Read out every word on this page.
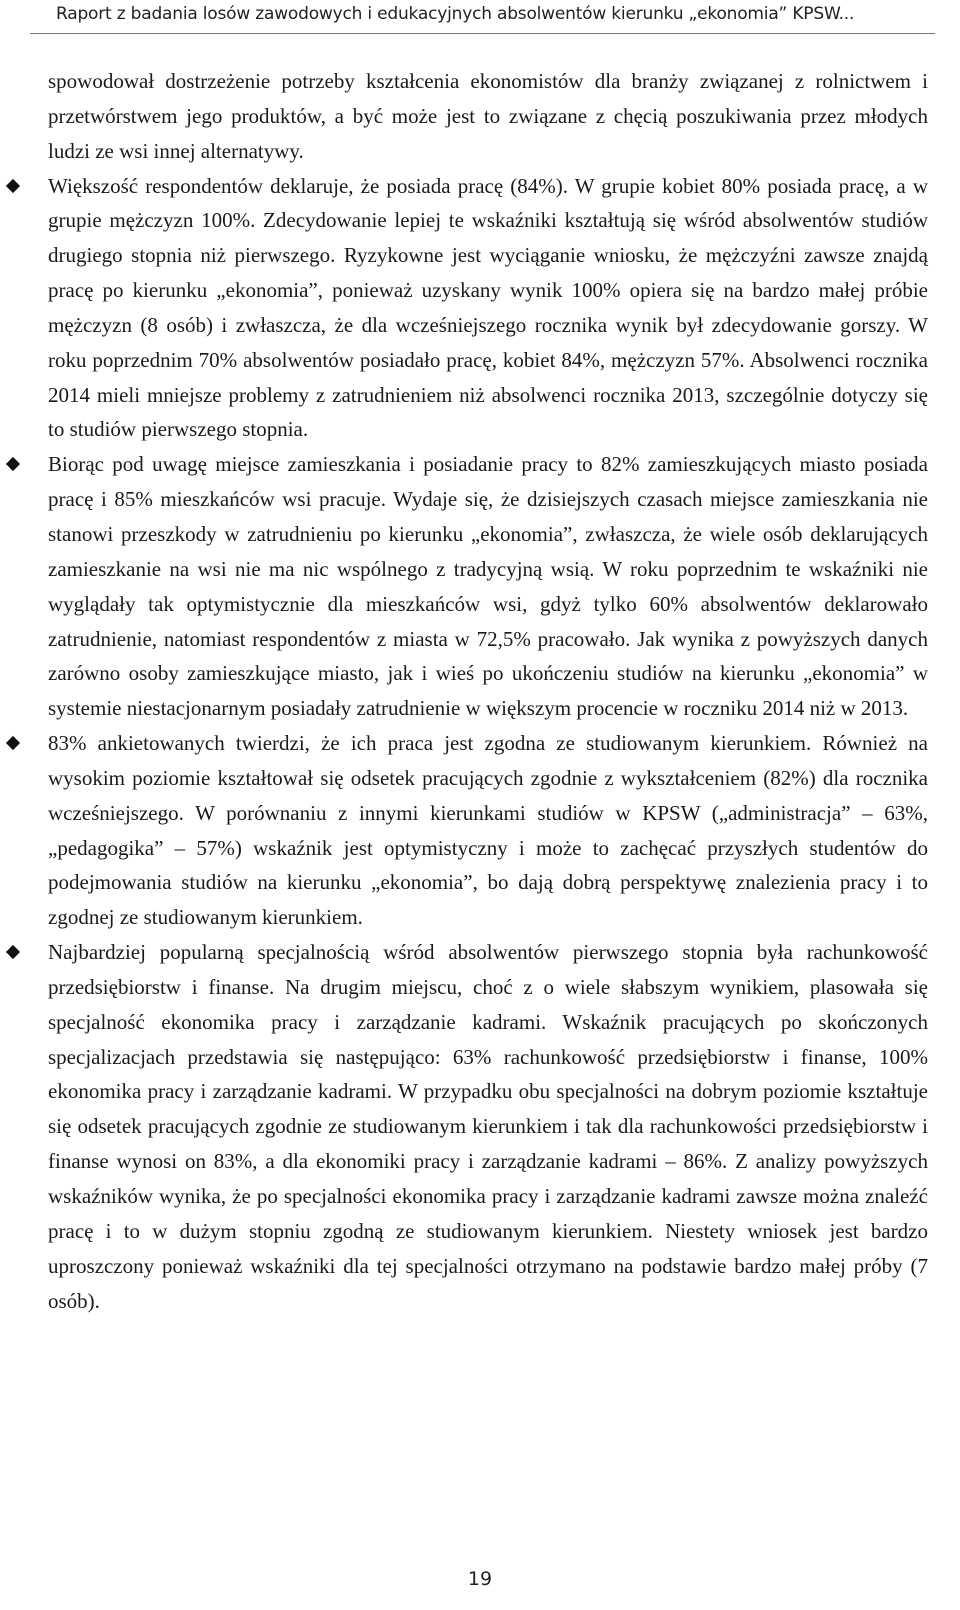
Raport z badania losów zawodowych i edukacyjnych absolwentów kierunku „ekonomia” KPSW...

spowodował dostrzeżenie potrzeby kształcenia ekonomistów dla branży związanej z rolnictwem i przetwórstwem jego produktów, a być może jest to związane z chęcią poszukiwania przez młodych ludzi ze wsi innej alternatywy.

Większość respondentów deklaruje, że posiada pracę (84%). W grupie kobiet 80% posiada pracę, a w grupie mężczyzn 100%. Zdecydowanie lepiej te wskaźniki kształtują się wśród absolwentów studiów drugiego stopnia niż pierwszego. Ryzykowne jest wyciąganie wniosku, że mężczyźni zawsze znajdą pracę po kierunku „ekonomia”, ponieważ uzyskany wynik 100% opiera się na bardzo małej próbie mężczyzn (8 osób) i zwłaszcza, że dla wcześniejszego rocznika wynik był zdecydowanie gorszy. W roku poprzednim 70% absolwentów posiadało pracę, kobiet 84%, mężczyzn 57%. Absolwenci rocznika 2014 mieli mniejsze problemy z zatrudnieniem niż absolwenci rocznika 2013, szczególnie dotyczy się to studiów pierwszego stopnia.

Biorąc pod uwagę miejsce zamieszkania i posiadanie pracy to 82% zamieszkujących miasto posiada pracę i 85% mieszkańców wsi pracuje. Wydaje się, że dzisiejszych czasach miejsce zamieszkania nie stanowi przeszkody w zatrudnieniu po kierunku „ekonomia”, zwłaszcza, że wiele osób deklarujących zamieszkanie na wsi nie ma nic wspólnego z tradycyjną wsią. W roku poprzednim te wskaźniki nie wyglądały tak optymistycznie dla mieszkańców wsi, gdyż tylko 60% absolwentów deklarowało zatrudnienie, natomiast respondentów z miasta w 72,5% pracowało. Jak wynika z powyższych danych zarówno osoby zamieszkujące miasto, jak i wieś po ukończeniu studiów na kierunku „ekonomia” w systemie niestacjonarnym posiadały zatrudnienie w większym procencie w roczniku 2014 niż w 2013.

83% ankietowanych twierdzi, że ich praca jest zgodna ze studiowanym kierunkiem. Również na wysokim poziomie kształtował się odsetek pracujących zgodnie z wykształceniem (82%) dla rocznika wcześniejszego. W porównaniu z innymi kierunkami studiów w KPSW („administracja” – 63%, „pedagogika” – 57%) wskaźnik jest optymistyczny i może to zachęcać przyszłych studentów do podejmowania studiów na kierunku „ekonomia”, bo dają dobrą perspektywę znalezienia pracy i to zgodnej ze studiowanym kierunkiem.

Najbardziej popularną specjalnością wśród absolwentów pierwszego stopnia była rachunkowość przedsiębiorstw i finanse. Na drugim miejscu, choć z o wiele słabszym wynikiem, plasowała się specjalność ekonomika pracy i zarządzanie kadrami. Wskaźnik pracujących po skończonych specjalizacjach przedstawia się następująco: 63% rachunkowość przedsiębiorstw i finanse, 100% ekonomika pracy i zarządzanie kadrami. W przypadku obu specjalności na dobrym poziomie kształtuje się odsetek pracujących zgodnie ze studiowanym kierunkiem i tak dla rachunkowości przedsiębiorstw i finanse wynosi on 83%, a dla ekonomiki pracy i zarządzanie kadrami – 86%. Z analizy powyższych wskaźników wynika, że po specjalności ekonomika pracy i zarządzanie kadrami zawsze można znaleźć pracę i to w dużym stopniu zgodną ze studiowanym kierunkiem. Niestety wniosek jest bardzo uproszczony ponieważ wskaźniki dla tej specjalności otrzymano na podstawie bardzo małej próby (7 osób).

19
